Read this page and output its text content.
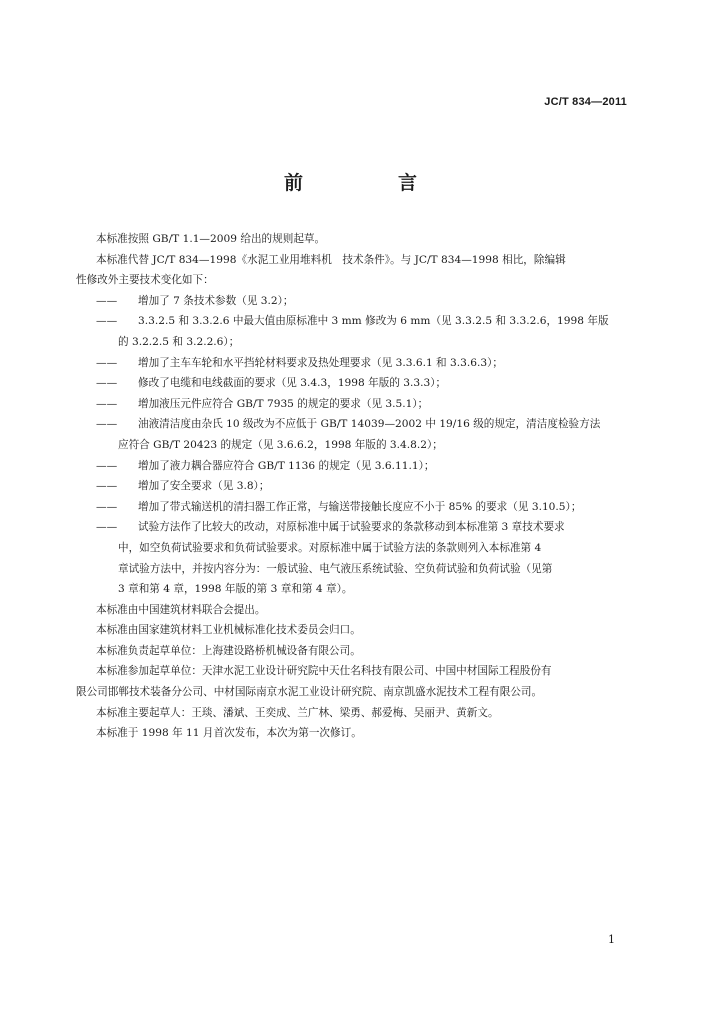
JC/T 834—2011
前　言

本标准按照 GB/T 1.1—2009 给出的规则起草。

本标准代替 JC/T 834—1998《水泥工业用堆料机　技术条件》。与 JC/T 834—1998 相比，除编辑

性修改外主要技术变化如下：

——	增加了 7 条技术参数（见 3.2）；
——	3.3.2.5 和 3.3.2.6 中最大值由原标准中 3 mm 修改为 6 mm（见 3.3.2.5 和 3.3.2.6，1998 年版

的 3.2.2.5 和 3.2.2.6）；

——	增加了主车车轮和水平挡轮材料要求及热处理要求（见 3.3.6.1 和 3.3.6.3）；
——	修改了电缆和电线截面的要求（见 3.4.3，1998 年版的 3.3.3）；
——	增加液压元件应符合 GB/T 7935 的规定的要求（见 3.5.1）；
——	油液清洁度由杂氏 10 级改为不应低于 GB/T 14039—2002 中 19/16 级的规定，清洁度检验方法

应符合 GB/T 20423 的规定（见 3.6.6.2，1998 年版的 3.4.8.2）；

——	增加了液力耦合器应符合 GB/T 1136 的规定（见 3.6.11.1）；
——	增加了安全要求（见 3.8）；
——	增加了带式输送机的清扫器工作正常，与输送带接触长度应不小于 85% 的要求（见 3.10.5）；
——	试验方法作了比较大的改动，对原标准中属于试验要求的条款移动到本标准第 3 章技术要求

中，如空负荷试验要求和负荷试验要求。对原标准中属于试验方法的条款则列入本标准第 4

章试验方法中，并按内容分为：一般试验、电气液压系统试验、空负荷试验和负荷试验（见第

3 章和第 4 章，1998 年版的第 3 章和第 4 章）。

本标准由中国建筑材料联合会提出。

本标准由国家建筑材料工业机械标准化技术委员会归口。

本标准负责起草单位：上海建设路桥机械设备有限公司。

本标准参加起草单位：天津水泥工业设计研究院中天仕名科技有限公司、中国中材国际工程股份有

限公司邯郸技术装备分公司、中材国际南京水泥工业设计研究院、南京凯盛水泥技术工程有限公司。

本标准主要起草人：王琰、潘斌、王奕成、兰广林、梁勇、郝爱梅、吴丽尹、黄新文。

本标准于 1998 年 11 月首次发布，本次为第一次修订。

1
